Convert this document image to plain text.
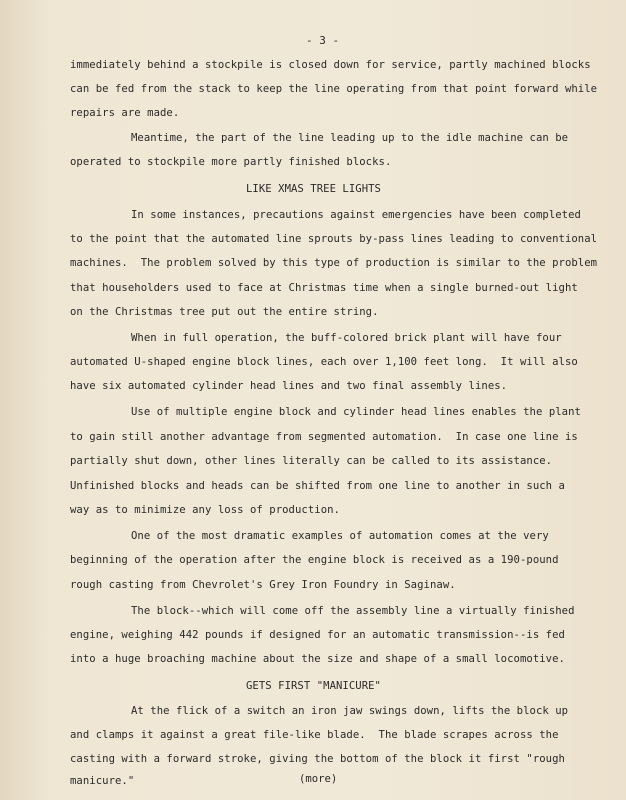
- 3 -
immediately behind a stockpile is closed down for service, partly machined blocks
can be fed from the stack to keep the line operating from that point forward while
repairs are made.
Meantime, the part of the line leading up to the idle machine can be
operated to stockpile more partly finished blocks.
LIKE XMAS TREE LIGHTS
In some instances, precautions against emergencies have been completed
to the point that the automated line sprouts by-pass lines leading to conventional
machines.  The problem solved by this type of production is similar to the problem
that householders used to face at Christmas time when a single burned-out light
on the Christmas tree put out the entire string.
When in full operation, the buff-colored brick plant will have four
automated U-shaped engine block lines, each over 1,100 feet long.  It will also
have six automated cylinder head lines and two final assembly lines.
Use of multiple engine block and cylinder head lines enables the plant
to gain still another advantage from segmented automation.  In case one line is
partially shut down, other lines literally can be called to its assistance.
Unfinished blocks and heads can be shifted from one line to another in such a
way as to minimize any loss of production.
One of the most dramatic examples of automation comes at the very
beginning of the operation after the engine block is received as a 190-pound
rough casting from Chevrolet's Grey Iron Foundry in Saginaw.
The block--which will come off the assembly line a virtually finished
engine, weighing 442 pounds if designed for an automatic transmission--is fed
into a huge broaching machine about the size and shape of a small locomotive.
GETS FIRST "MANICURE"
At the flick of a switch an iron jaw swings down, lifts the block up
and clamps it against a great file-like blade.  The blade scrapes across the
casting with a forward stroke, giving the bottom of the block it first "rough
manicure."	(more)
